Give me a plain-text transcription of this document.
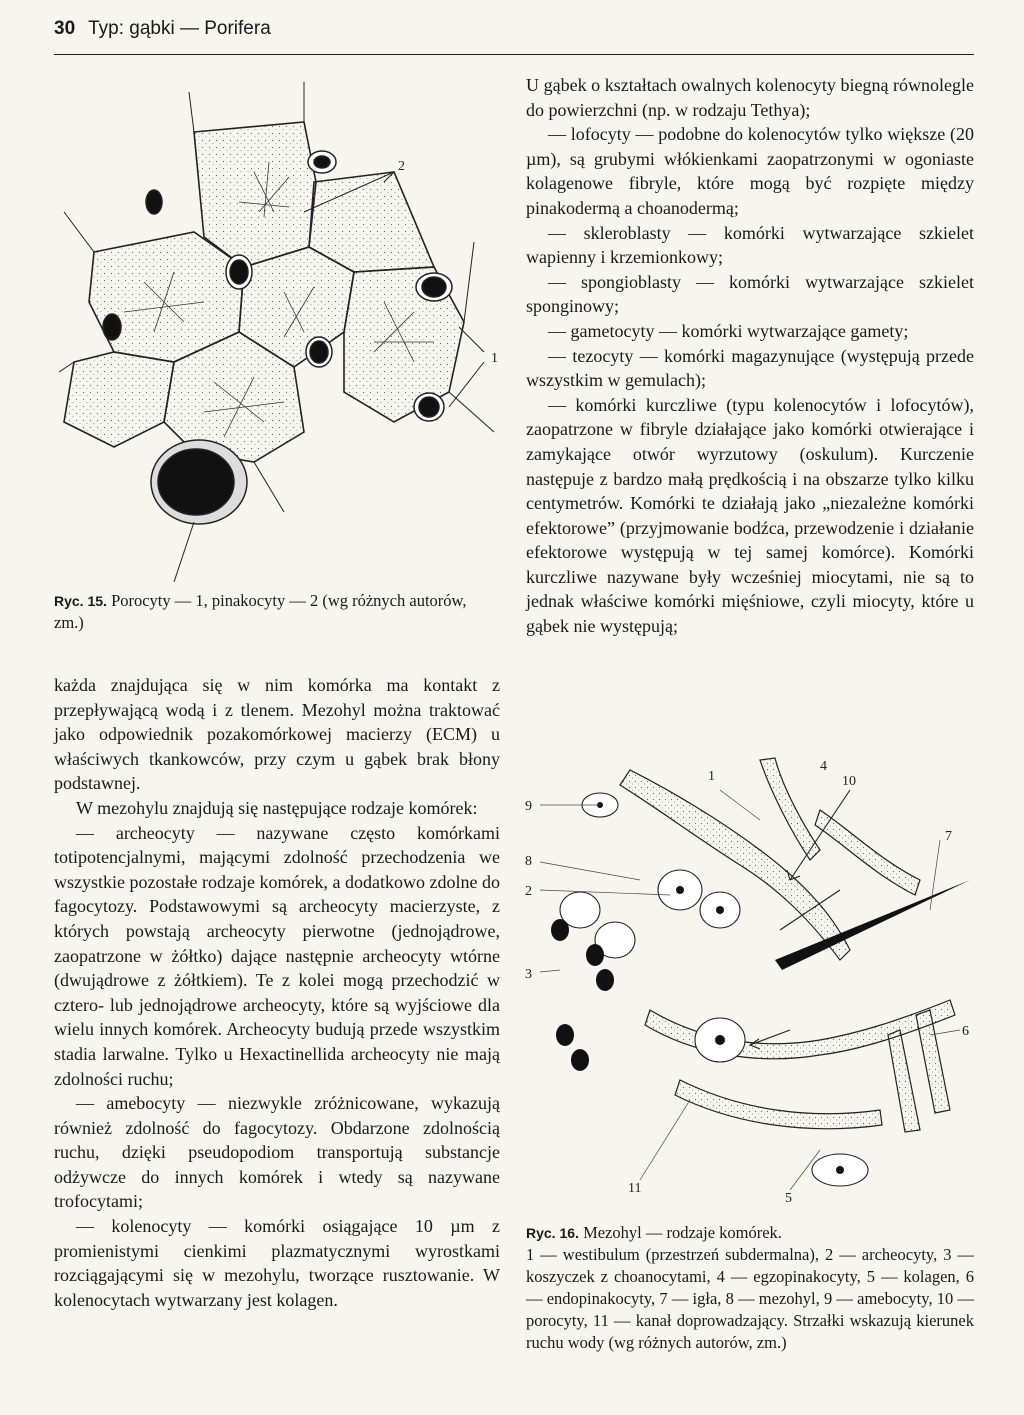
30 Typ: gąbki — Porifera
2
1

Ryc. 15. Porocyty — 1, pinakocyty — 2 (wg różnych autorów, zm.)

każda znajdująca się w nim komórka ma kontakt z przepływającą wodą i z tlenem. Mezohyl można traktować jako odpowiednik pozakomórkowej macierzy (ECM) u właściwych tkankowców, przy czym u gąbek brak błony podstawnej.

W mezohylu znajdują się następujące rodzaje komórek:

— archeocyty — nazywane często komórkami totipotencjalnymi, mającymi zdolność przechodzenia we wszystkie pozostałe rodzaje komórek, a dodatkowo zdolne do fagocytozy. Podstawowymi są archeocyty macierzyste, z których powstają archeocyty pierwotne (jednojądrowe, zaopatrzone w żółtko) dające następnie archeocyty wtórne (dwujądrowe z żółtkiem). Te z kolei mogą przechodzić w cztero- lub jednojądrowe archeocyty, które są wyjściowe dla wielu innych komórek. Archeocyty budują przede wszystkim stadia larwalne. Tylko u Hexactinellida archeocyty nie mają zdolności ruchu;

— amebocyty — niezwykle zróżnicowane, wykazują również zdolność do fagocytozy. Obdarzone zdolnością ruchu, dzięki pseudopodiom transportują substancje odżywcze do innych komórek i wtedy są nazywane trofocytami;

— kolenocyty — komórki osiągające 10 µm z promienistymi cienkimi plazmatycznymi wyrostkami rozciągającymi się w mezohylu, tworzące rusztowanie. W kolenocytach wytwarzany jest kolagen.

U gąbek o kształtach owalnych kolenocyty biegną równolegle do powierzchni (np. w rodzaju Tethya);

— lofocyty — podobne do kolenocytów tylko większe (20 µm), są grubymi włókienkami zaopatrzonymi w ogoniaste kolagenowe fibryle, które mogą być rozpięte między pinakodermą a choanodermą;

— skleroblasty — komórki wytwarzające szkielet wapienny i krzemionkowy;

— spongioblasty — komórki wytwarzające szkielet sponginowy;

— gametocyty — komórki wytwarzające gamety;

— tezocyty — komórki magazynujące (występują przede wszystkim w gemulach);

— komórki kurczliwe (typu kolenocytów i lofocytów), zaopatrzone w fibryle działające jako komórki otwierające i zamykające otwór wyrzutowy (oskulum). Kurczenie następuje z bardzo małą prędkością i na obszarze tylko kilku centymetrów. Komórki te działają jako „niezależne komórki efektorowe” (przyjmowanie bodźca, przewodzenie i działanie efektorowe występują w tej samej komórce). Komórki kurczliwe nazywane były wcześniej miocytami, nie są to jednak właściwe komórki mięśniowe, czyli miocyty, które u gąbek nie występują;

1
4
10
9
7
8
2
3
6
11
5

Ryc. 16. Mezohyl — rodzaje komórek.
1 — westibulum (przestrzeń subdermalna), 2 — archeocyty, 3 — koszyczek z choanocytami, 4 — egzopinakocyty, 5 — kolagen, 6 — endopinakocyty, 7 — igła, 8 — mezohyl, 9 — amebocyty, 10 — porocyty, 11 — kanał doprowadzający. Strzałki wskazują kierunek ruchu wody (wg różnych autorów, zm.)
